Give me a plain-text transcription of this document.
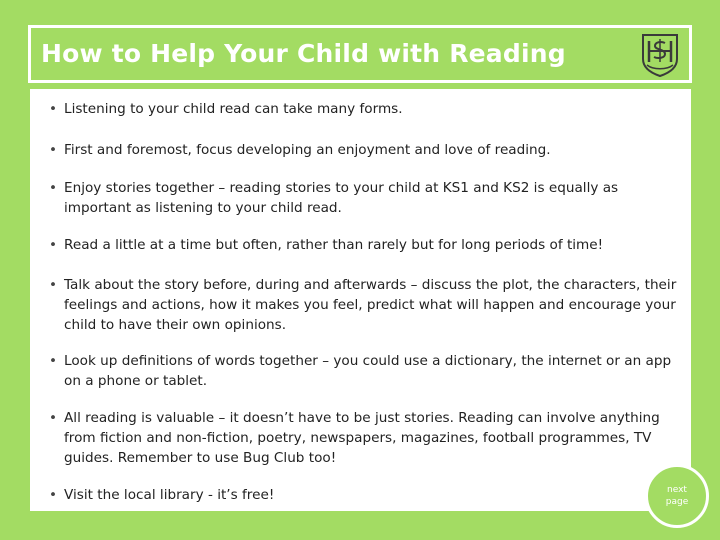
How to Help Your Child with Reading
• Listening to your child read can take many forms.
• First and foremost, focus developing an enjoyment and love of reading.
• Enjoy stories together – reading stories to your child at KS1 and KS2 is equally as important as listening to your child read.
• Read a little at a time but often, rather than rarely but for long periods of time!
• Talk about the story before, during and afterwards – discuss the plot, the characters, their feelings and actions, how it makes you feel, predict what will happen and encourage your child to have their own opinions.
• Look up definitions of words together – you could use a dictionary, the internet or an app on a phone or tablet.
• All reading is valuable – it doesn’t have to be just stories. Reading can involve anything from fiction and non-fiction, poetry, newspapers, magazines, football programmes, TV guides. Remember to use Bug Club too!
• Visit the local library - it’s free!	next page
